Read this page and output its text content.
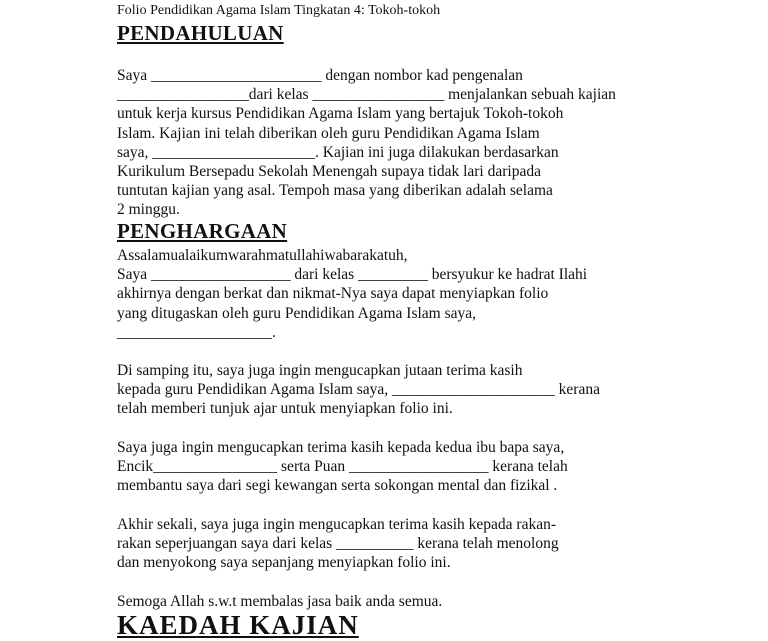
Folio Pendidikan Agama Islam Tingkatan 4: Tokoh-tokoh
PENDAHULUAN
Saya ______________________ dengan nombor kad pengenalan
_________________dari kelas _________________ menjalankan sebuah kajian
untuk kerja kursus Pendidikan Agama Islam yang bertajuk Tokoh-tokoh
Islam. Kajian ini telah diberikan oleh guru Pendidikan Agama Islam
saya, _____________________. Kajian ini juga dilakukan berdasarkan
Kurikulum Bersepadu Sekolah Menengah supaya tidak lari daripada
tuntutan kajian yang asal. Tempoh masa yang diberikan adalah selama
2 minggu.
PENGHARGAAN
Assalamualaikumwarahmatullahiwabarakatuh,
Saya __________________ dari kelas _________ bersyukur ke hadrat Ilahi
akhirnya dengan berkat dan nikmat-Nya saya dapat menyiapkan folio
yang ditugaskan oleh guru Pendidikan Agama Islam saya,
____________________.
Di samping itu, saya juga ingin mengucapkan jutaan terima kasih
kepada guru Pendidikan Agama Islam saya, _____________________ kerana
telah memberi tunjuk ajar untuk menyiapkan folio ini.
Saya juga ingin mengucapkan terima kasih kepada kedua ibu bapa saya,
Encik________________ serta Puan __________________ kerana telah
membantu saya dari segi kewangan serta sokongan mental dan fizikal .
Akhir sekali, saya juga ingin mengucapkan terima kasih kepada rakan-
rakan seperjuangan saya dari kelas __________ kerana telah menolong
dan menyokong saya sepanjang menyiapkan folio ini.
Semoga Allah s.w.t membalas jasa baik anda semua.
KAEDAH KAJIAN
